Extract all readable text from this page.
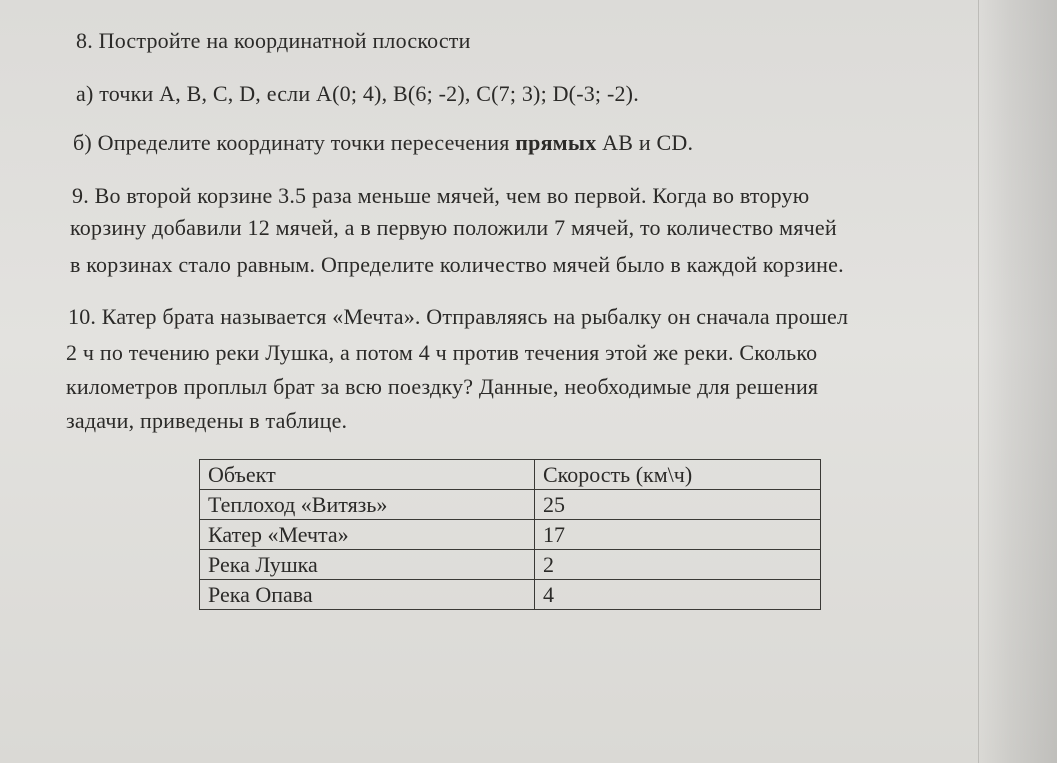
8. Постройте на координатной плоскости
а) точки A, B, C, D, если A(0; 4), B(6; -2), C(7; 3); D(-3; -2).
б) Определите координату точки пересечения прямых AB и CD.
9. Во второй корзине 3.5 раза меньше мячей, чем во первой. Когда во вторую
корзину добавили 12 мячей, а в первую положили 7 мячей, то количество мячей
в корзинах стало равным. Определите количество мячей было в каждой корзине.
10. Катер брата называется «Мечта». Отправляясь на рыбалку он сначала прошел
2 ч по течению реки Лушка, а потом 4 ч против течения этой же реки. Сколько
километров проплыл брат за всю поездку? Данные, необходимые для решения
задачи, приведены в таблице.
Объект	Скорость (км\ч)
Теплоход «Витязь»	25
Катер «Мечта»	17
Река Лушка	2
Река Опава	4
